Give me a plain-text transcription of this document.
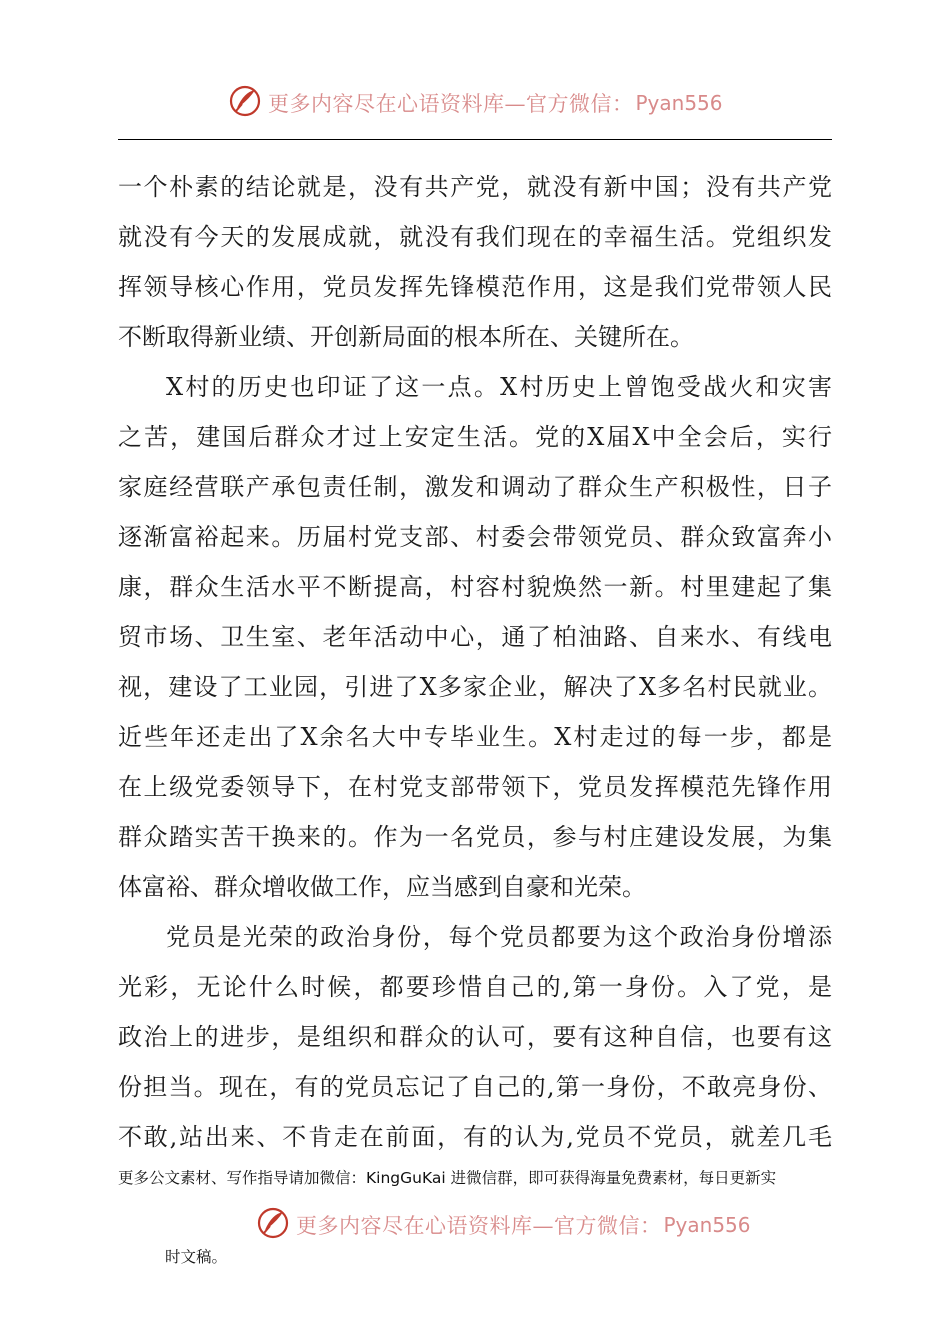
更多内容尽在心语资料库—官方微信： Pyan556
一个朴素的结论就是，没有共产党，就没有新中国；没有共产党
就没有今天的发展成就，就没有我们现在的幸福生活。党组织发
挥领导核心作用，党员发挥先锋模范作用，这是我们党带领人民
不断取得新业绩、开创新局面的根本所在、关键所在。
X村的历史也印证了这一点。X村历史上曾饱受战火和灾害
之苦，建国后群众才过上安定生活。党的X届X中全会后，实行
家庭经营联产承包责任制，激发和调动了群众生产积极性，日子
逐渐富裕起来。历届村党支部、村委会带领党员、群众致富奔小
康，群众生活水平不断提高，村容村貌焕然一新。村里建起了集
贸市场、卫生室、老年活动中心，通了柏油路、自来水、有线电
视，建设了工业园，引进了X多家企业，解决了X多名村民就业。
近些年还走出了X余名大中专毕业生。X村走过的每一步，都是
在上级党委领导下，在村党支部带领下，党员发挥模范先锋作用
群众踏实苦干换来的。作为一名党员，参与村庄建设发展，为集
体富裕、群众增收做工作，应当感到自豪和光荣。
党员是光荣的政治身份，每个党员都要为这个政治身份增添
光彩，无论什么时候，都要珍惜自己的,第一身份。入了党，是
政治上的进步，是组织和群众的认可，要有这种自信，也要有这
份担当。现在，有的党员忘记了自己的,第一身份，不敢亮身份、
不敢,站出来、不肯走在前面，有的认为,党员不党员，就差几毛
更多公文素材、写作指导请加微信：KingGuKai 进微信群，即可获得海量免费素材，每日更新实
更多内容尽在心语资料库—官方微信： Pyan556
时文稿。
